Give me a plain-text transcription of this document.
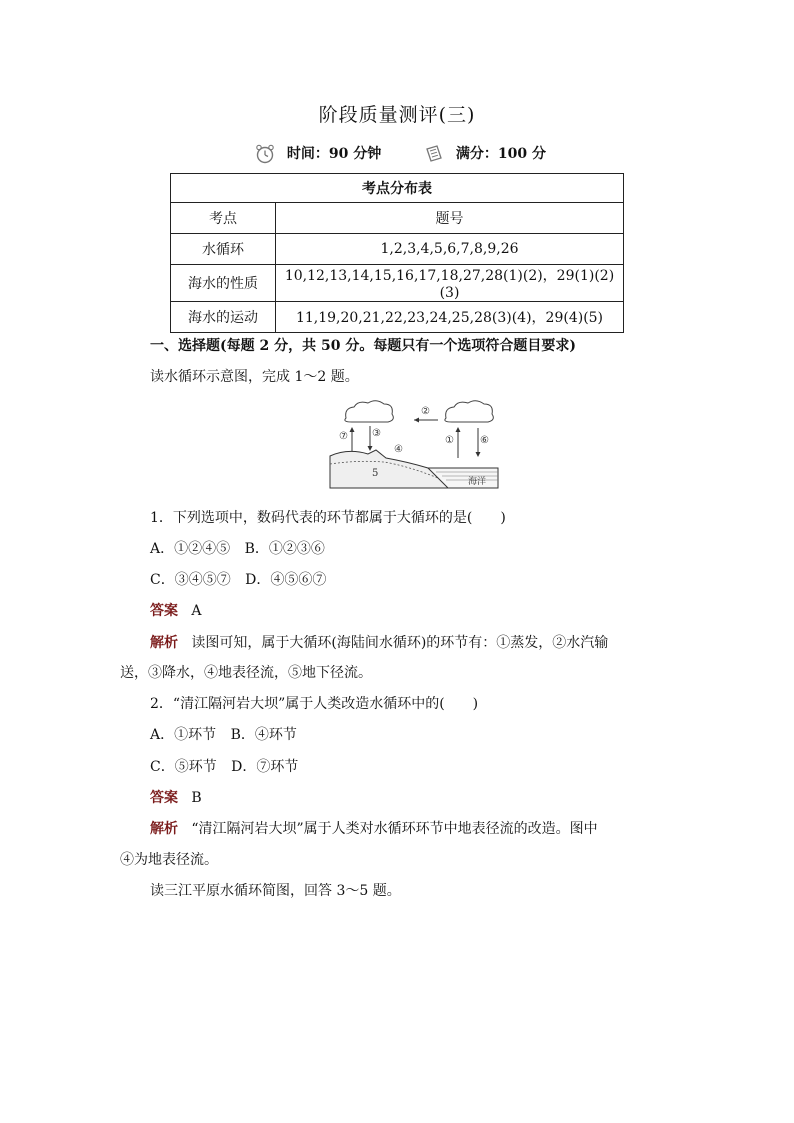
阶段质量测评(三)
时间：90 分钟	满分：100 分
考点分布表	
考点	题号
水循环	1,2,3,4,5,6,7,8,9,26
海水的性质	10,12,13,14,15,16,17,18,27,28(1)(2)，29(1)(2)(3)
海水的运动	11,19,20,21,22,23,24,25,28(3)(4)，29(4)(5)
一、选择题(每题 2 分，共 50 分。每题只有一个选项符合题目要求)
读水循环示意图，完成 1～2 题。
②
⑦ ③
④
①	⑥
5
海洋
1．下列选项中，数码代表的环节都属于大循环的是(　　)
A．①②④⑤ B．①②③⑥
C．③④⑤⑦ D．④⑤⑥⑦
答案 A
解析 读图可知，属于大循环(海陆间水循环)的环节有：①蒸发，②水汽输
送，③降水，④地表径流，⑤地下径流。
2．“清江隔河岩大坝”属于人类改造水循环中的(　　)
A．①环节 B．④环节
C．⑤环节 D．⑦环节
答案 B
解析 “清江隔河岩大坝”属于人类对水循环环节中地表径流的改造。图中
④为地表径流。
读三江平原水循环简图，回答 3～5 题。
